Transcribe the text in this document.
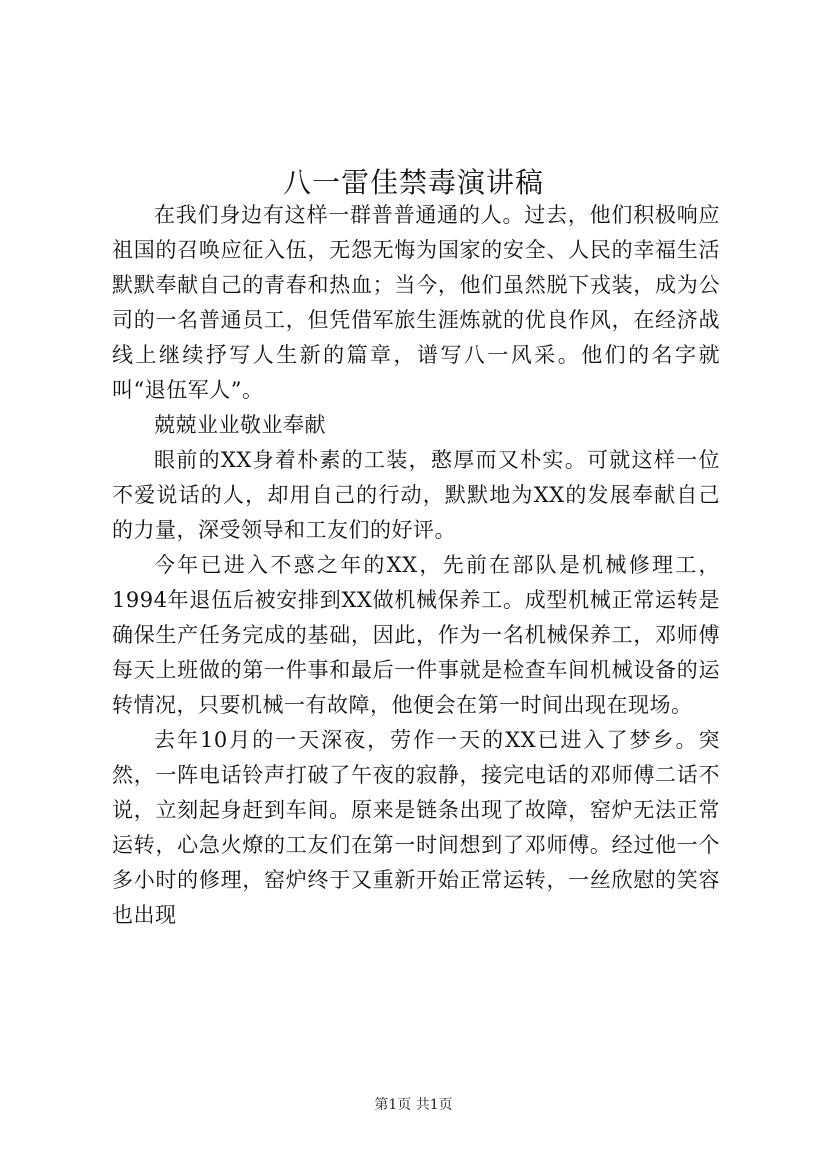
八一雷佳禁毒演讲稿

在我们身边有这样一群普普通通的人。过去，他们积极响应祖国的召唤应征入伍，无怨无悔为国家的安全、人民的幸福生活默默奉献自己的青春和热血；当今，他们虽然脱下戎装，成为公司的一名普通员工，但凭借军旅生涯炼就的优良作风，在经济战线上继续抒写人生新的篇章，谱写八一风采。他们的名字就叫“退伍军人”。

兢兢业业敬业奉献

眼前的XX身着朴素的工装，憨厚而又朴实。可就这样一位不爱说话的人，却用自己的行动，默默地为XX的发展奉献自己的力量，深受领导和工友们的好评。

今年已进入不惑之年的XX，先前在部队是机械修理工，1994年退伍后被安排到XX做机械保养工。成型机械正常运转是确保生产任务完成的基础，因此，作为一名机械保养工，邓师傅每天上班做的第一件事和最后一件事就是检查车间机械设备的运转情况，只要机械一有故障，他便会在第一时间出现在现场。

去年10月的一天深夜，劳作一天的XX已进入了梦乡。突然，一阵电话铃声打破了午夜的寂静，接完电话的邓师傅二话不说，立刻起身赶到车间。原来是链条出现了故障，窑炉无法正常运转，心急火燎的工友们在第一时间想到了邓师傅。经过他一个多小时的修理，窑炉终于又重新开始正常运转，一丝欣慰的笑容也出现

第1页 共1页
